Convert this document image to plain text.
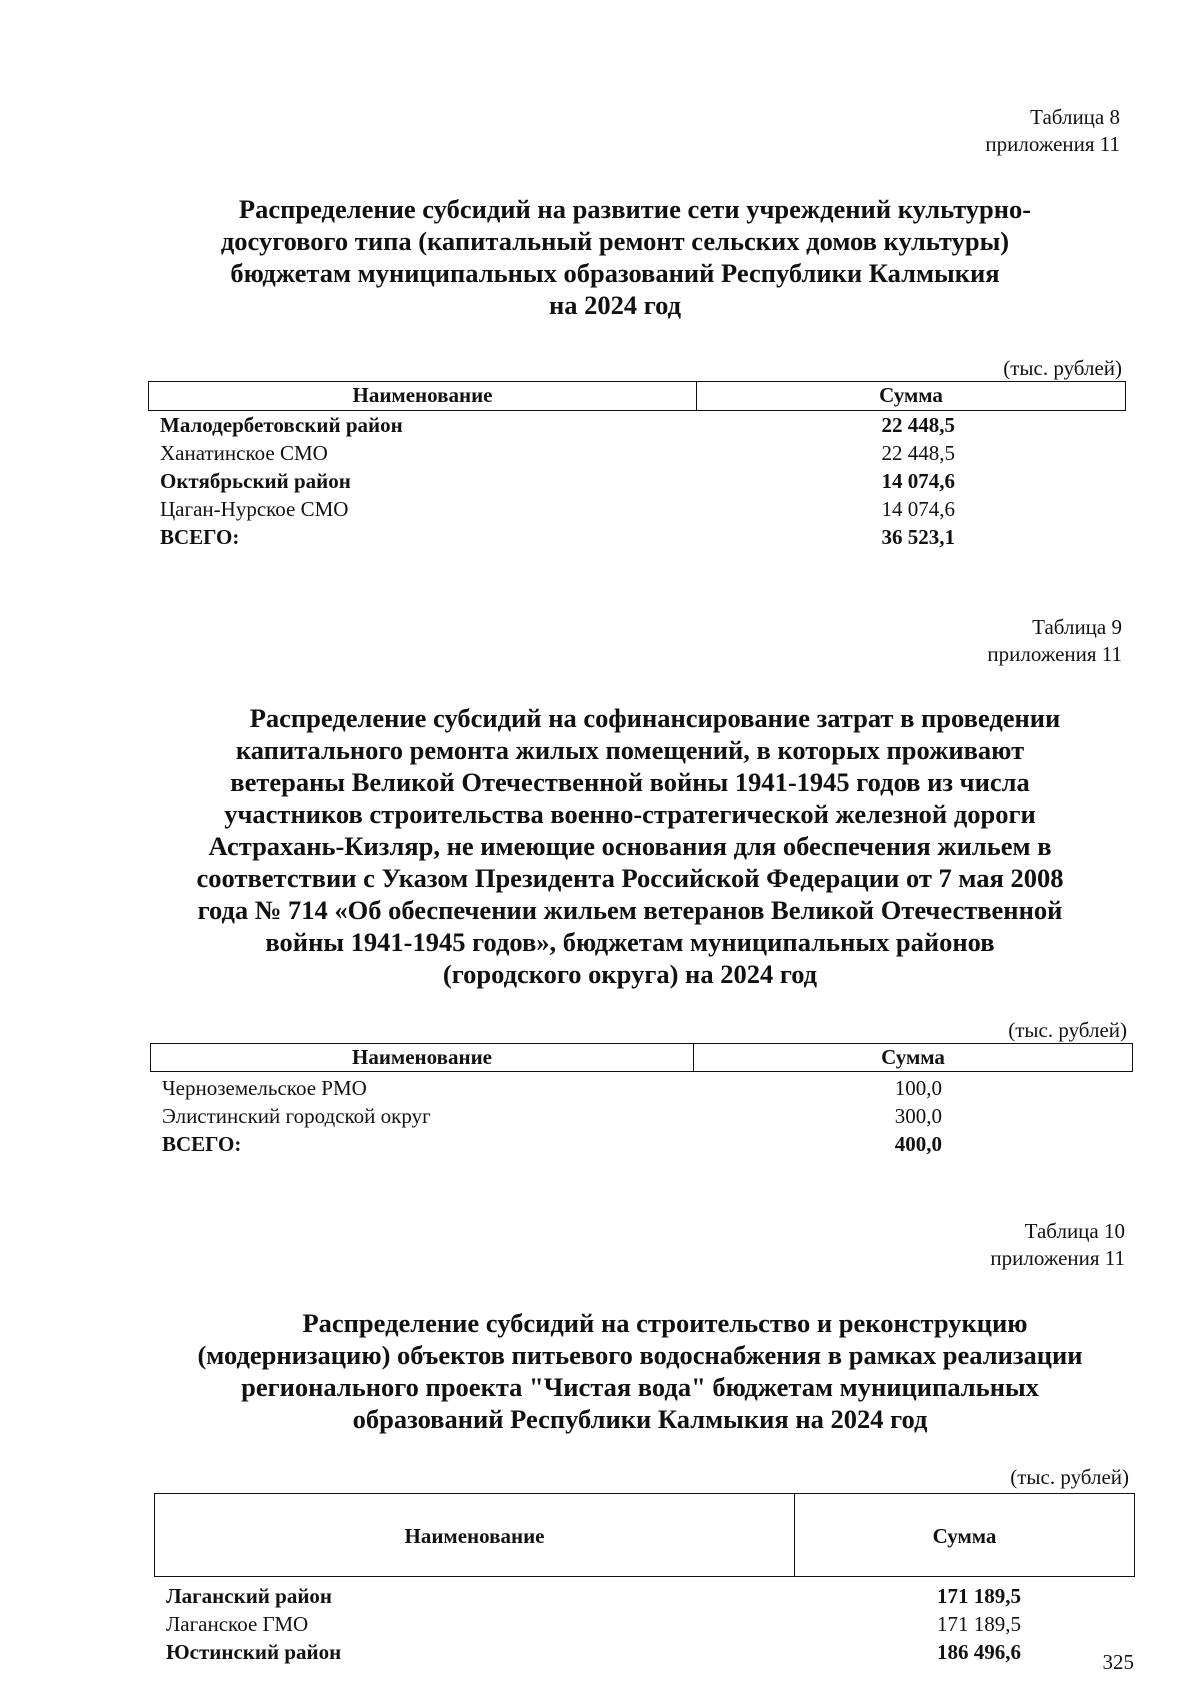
Таблица 8
приложения 11
Распределение субсидий на развитие сети учреждений культурно-
досугового типа (капитальный ремонт сельских домов культуры)
бюджетам муниципальных образований Республики Калмыкия
на 2024 год
(тыс. рублей)
Наименование	Сумма
Малодербетовский район	22 448,5
Ханатинское СМО	22 448,5
Октябрьский район	14 074,6
Цаган-Нурское СМО	14 074,6
ВСЕГО:	36 523,1
Таблица 9
приложения 11
Распределение субсидий на софинансирование затрат в проведении
капитального ремонта жилых помещений, в которых проживают
ветераны Великой Отечественной войны 1941-1945 годов из числа
участников строительства военно-стратегической железной дороги
Астрахань-Кизляр, не имеющие основания для обеспечения жильем в
соответствии с Указом Президента Российской Федерации от 7 мая 2008
года № 714 «Об обеспечении жильем ветеранов Великой Отечественной
войны 1941-1945 годов», бюджетам муниципальных районов
(городского округа) на 2024 год
(тыс. рублей)
Наименование	Сумма
Черноземельское РМО	100,0
Элистинский городской округ	300,0
ВСЕГО:	400,0
Таблица 10
приложения 11
Распределение субсидий на строительство и реконструкцию
(модернизацию) объектов питьевого водоснабжения в рамках реализации
регионального проекта "Чистая вода" бюджетам муниципальных
образований Республики Калмыкия на 2024 год
(тыс. рублей)
Наименование	Сумма
Лаганский район	171 189,5
Лаганское ГМО	171 189,5
Юстинский район	186 496,6	325
